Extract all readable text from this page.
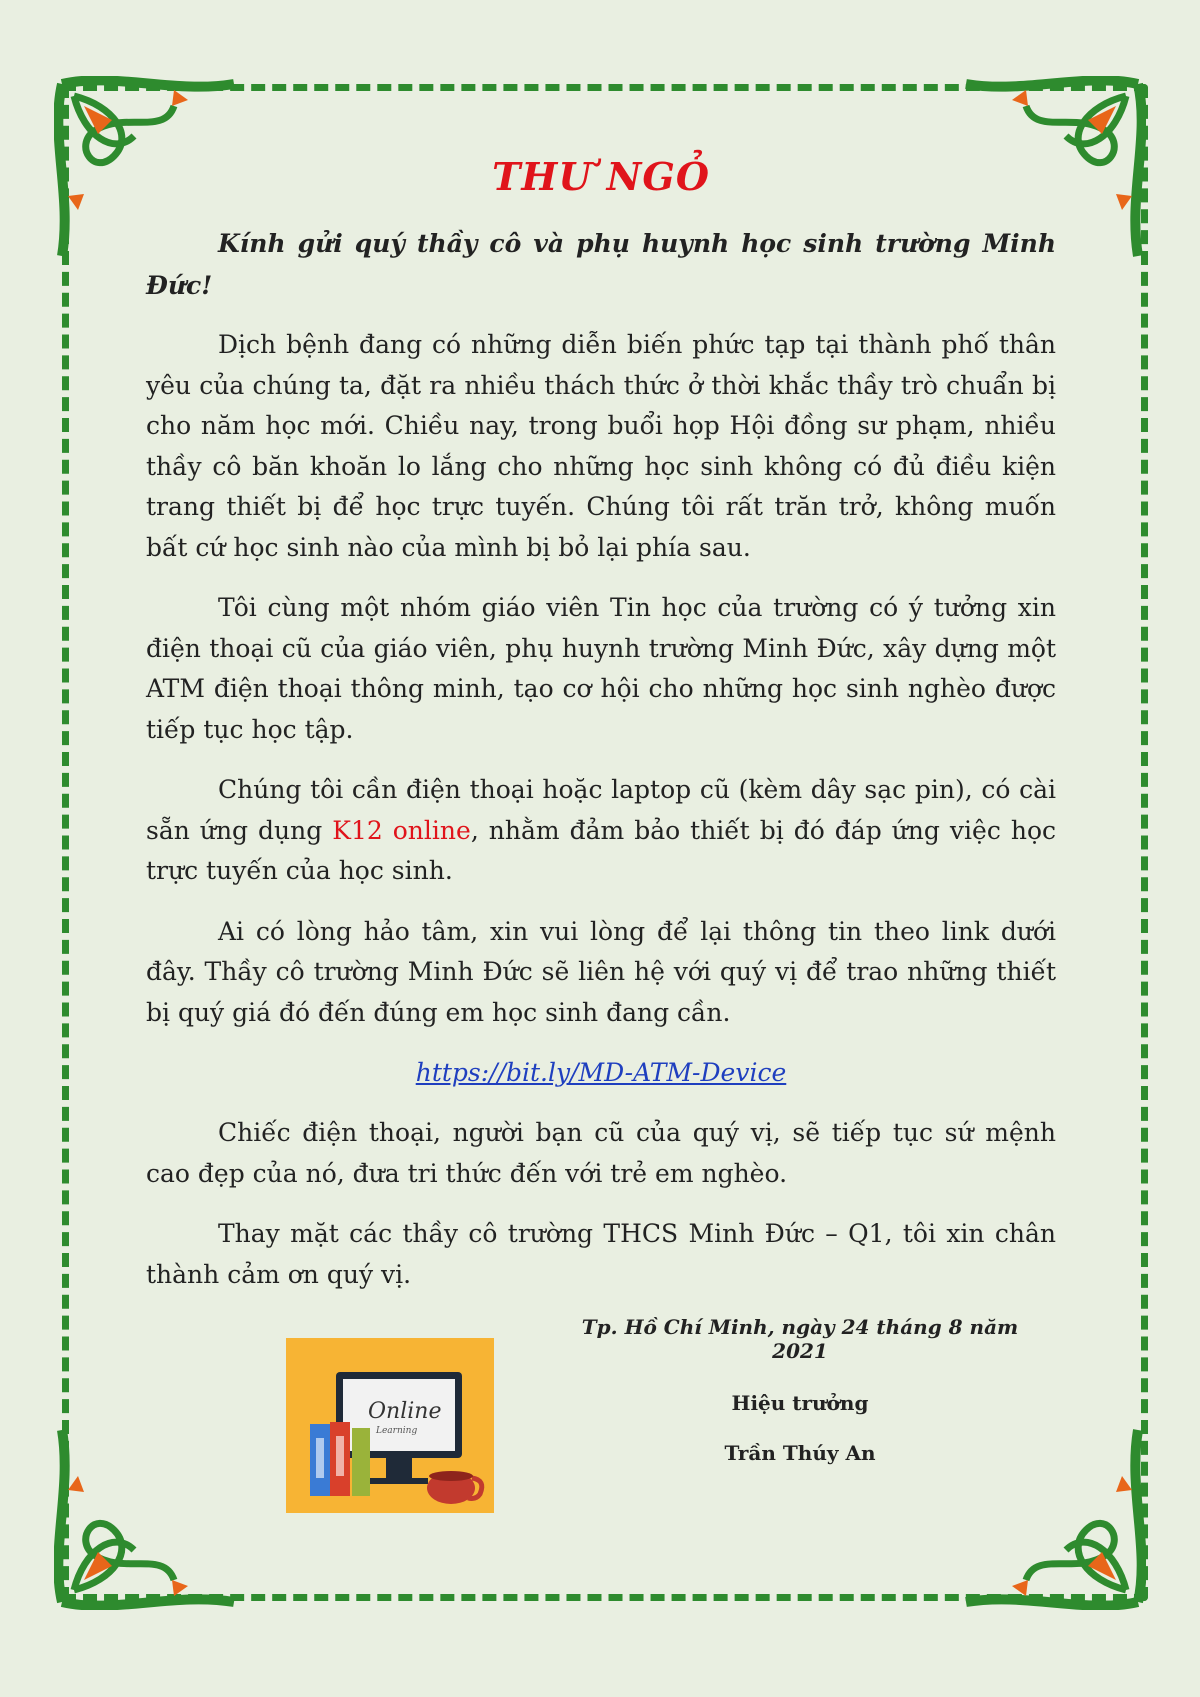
THƯ NGỎ
Kính gửi quý thầy cô và phụ huynh học sinh trường Minh Đức!

Dịch bệnh đang có những diễn biến phức tạp tại thành phố thân yêu của chúng ta, đặt ra nhiều thách thức ở thời khắc thầy trò chuẩn bị cho năm học mới. Chiều nay, trong buổi họp Hội đồng sư phạm, nhiều thầy cô băn khoăn lo lắng cho những học sinh không có đủ điều kiện trang thiết bị để học trực tuyến. Chúng tôi rất trăn trở, không muốn bất cứ học sinh nào của mình bị bỏ lại phía sau.

Tôi cùng một nhóm giáo viên Tin học của trường có ý tưởng xin điện thoại cũ của giáo viên, phụ huynh trường Minh Đức, xây dựng một ATM điện thoại thông minh, tạo cơ hội cho những học sinh nghèo được tiếp tục học tập.

Chúng tôi cần điện thoại hoặc laptop cũ (kèm dây sạc pin), có cài sẵn ứng dụng K12 online, nhằm đảm bảo thiết bị đó đáp ứng việc học trực tuyến của học sinh.

Ai có lòng hảo tâm, xin vui lòng để lại thông tin theo link dưới đây. Thầy cô trường Minh Đức sẽ liên hệ với quý vị để trao những thiết bị quý giá đó đến đúng em học sinh đang cần.

https://bit.ly/MD-ATM-Device

Chiếc điện thoại, người bạn cũ của quý vị, sẽ tiếp tục sứ mệnh cao đẹp của nó, đưa tri thức đến với trẻ em nghèo.

Thay mặt các thầy cô trường THCS Minh Đức – Q1, tôi xin chân thành cảm ơn quý vị.

Online
Learning
Tp. Hồ Chí Minh, ngày 24 tháng 8 năm 2021
Hiệu trưởng
Trần Thúy An
